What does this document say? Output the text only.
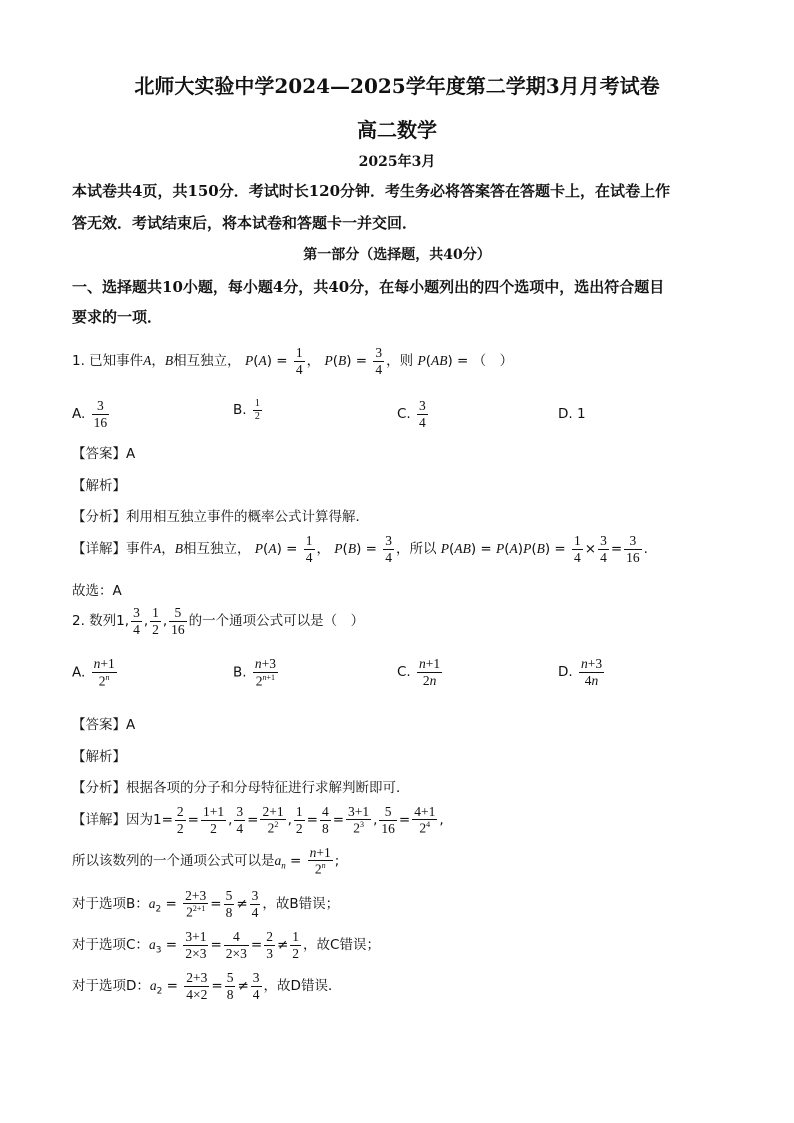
北师大实验中学2024—2025学年度第二学期3月月考试卷
高二数学
2025年3月
本试卷共4页，共150分．考试时长120分钟．考生务必将答案答在答题卡上，在试卷上作
答无效．考试结束后，将本试卷和答题卡一并交回．
第一部分（选择题，共40分）
一、选择题共10小题，每小题4分，共40分，在每小题列出的四个选项中，选出符合题目
要求的一项．
1. 已知事件A，B相互独立， $P(A) = \frac{1}{4}$ ， $P(B) = \frac{3}{4}$ ，则 P(AB) = （　）
A. $\frac{3}{16}$	B. $\frac{1}{2}$	C. $\frac{3}{4}$	D. 1
【答案】A
【解析】
【分析】利用相互独立事件的概率公式计算得解．
【详解】事件A，B相互独立， $P(A) = \frac{1}{4}$ ， $P(B) = \frac{3}{4}$ ，所以 $P(AB) = P(A)P(B) = \frac{1}{4} \times \frac{3}{4} = \frac{3}{16}$ .
故选：A
2. 数列1, $\frac{3}{4}$ , $\frac{1}{2}$ , $\frac{5}{16}$ 的一个通项公式可以是（　）
A. $\frac{n+1}{2^n}$	B. $\frac{n+3}{2^{n+1}}$	C. $\frac{n+1}{2n}$	D. $\frac{n+3}{4n}$
【答案】A
【解析】
【分析】根据各项的分子和分母特征进行求解判断即可．
【详解】因为$1= \frac{2}{2} = \frac{1+1}{2}$ , $\frac{3}{4} = \frac{2+1}{2^2}$ , $\frac{1}{2} = \frac{4}{8} = \frac{3+1}{2^3}$ , $\frac{5}{16} = \frac{4+1}{2^4}$ ,
所以该数列的一个通项公式可以是$a_n = \frac{n+1}{2^n}$ ;
对于选项B：$a_2 = \frac{2+3}{2^{2+1}} = \frac{5}{8} \ne \frac{3}{4}$ ，故B错误；
对于选项C：$a_3 = \frac{3+1}{2\times 3} = \frac{4}{2\times 3} = \frac{2}{3} \ne \frac{1}{2}$ ，故C错误；
对于选项D：$a_2 = \frac{2+3}{4\times 2} = \frac{5}{8} \ne \frac{3}{4}$ ，故D错误．
